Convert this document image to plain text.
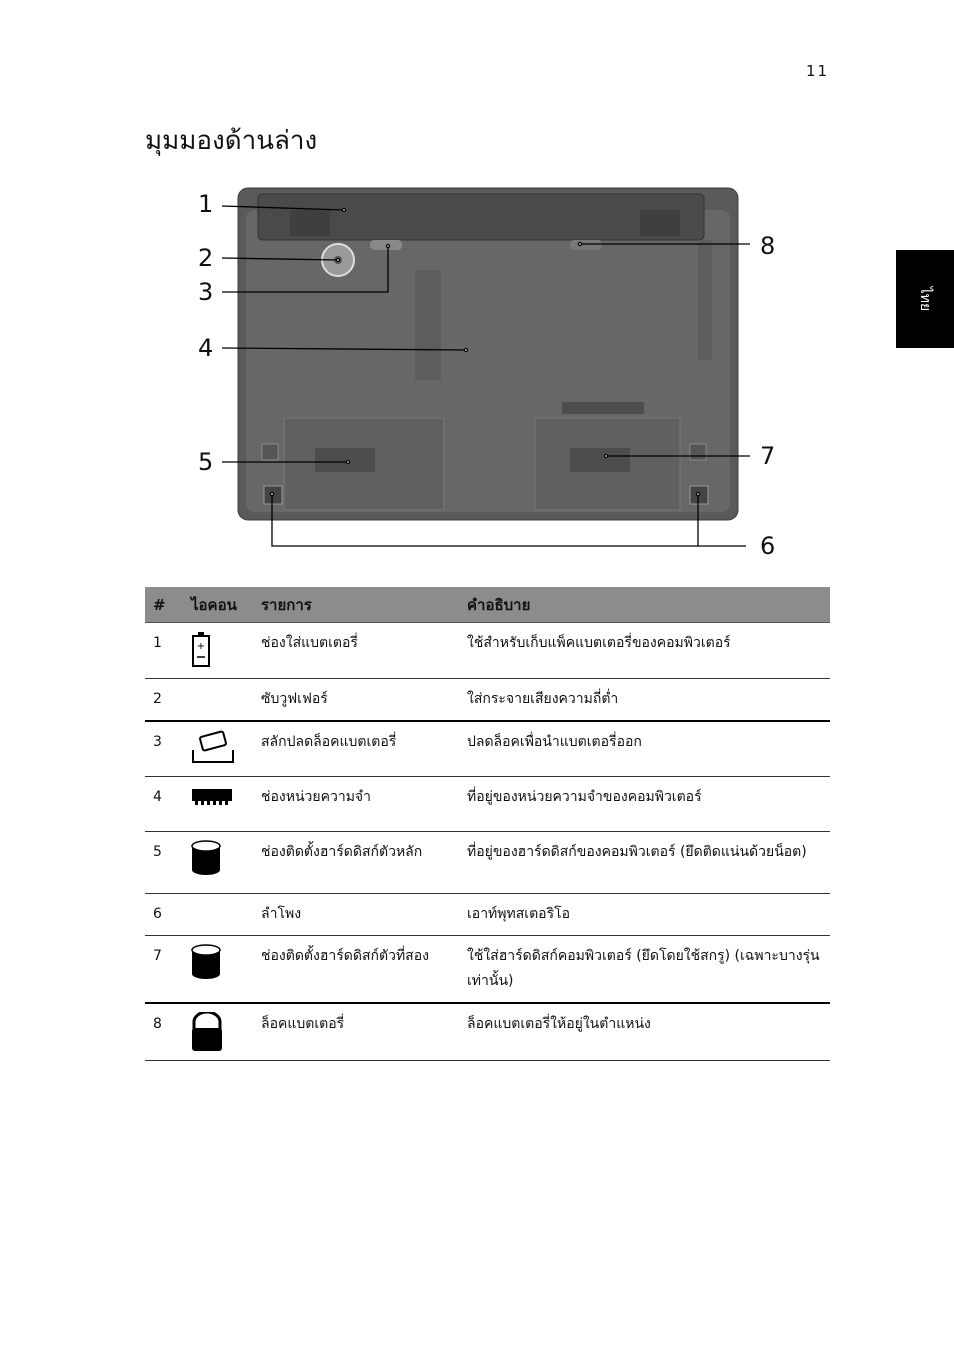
11
มุมมองด้านล่าง
ไทย
1
2
3
4
5
6
7
8
#	ไอคอน	รายการ	คำอธิบาย
1	+	ช่องใส่แบตเตอรี่	ใช้สำหรับเก็บแพ็คแบตเตอรี่ของคอมพิวเตอร์
2		ซับวูฟเฟอร์	ใส่กระจายเสียงความถี่ต่ำ
3		สลักปลดล็อคแบตเตอรี่	ปลดล็อคเพื่อนำแบตเตอรี่ออก
4		ช่องหน่วยความจำ	ที่อยู่ของหน่วยความจำของคอมพิวเตอร์
5		ช่องติดตั้งฮาร์ดดิสก์ตัวหลัก	ที่อยู่ของฮาร์ดดิสก์ของคอมพิวเตอร์ (ยึดติดแน่นด้วยน็อต)
6		ลำโพง	เอาท์พุทสเตอริโอ
7		ช่องติดตั้งฮาร์ดดิสก์ตัวที่สอง	ใช้ใส่ฮาร์ดดิสก์คอมพิวเตอร์ (ยึดโดยใช้สกรู) (เฉพาะบางรุ่นเท่านั้น)
8		ล็อคแบตเตอรี่	ล็อคแบตเตอรี่ให้อยู่ในตำแหน่ง
